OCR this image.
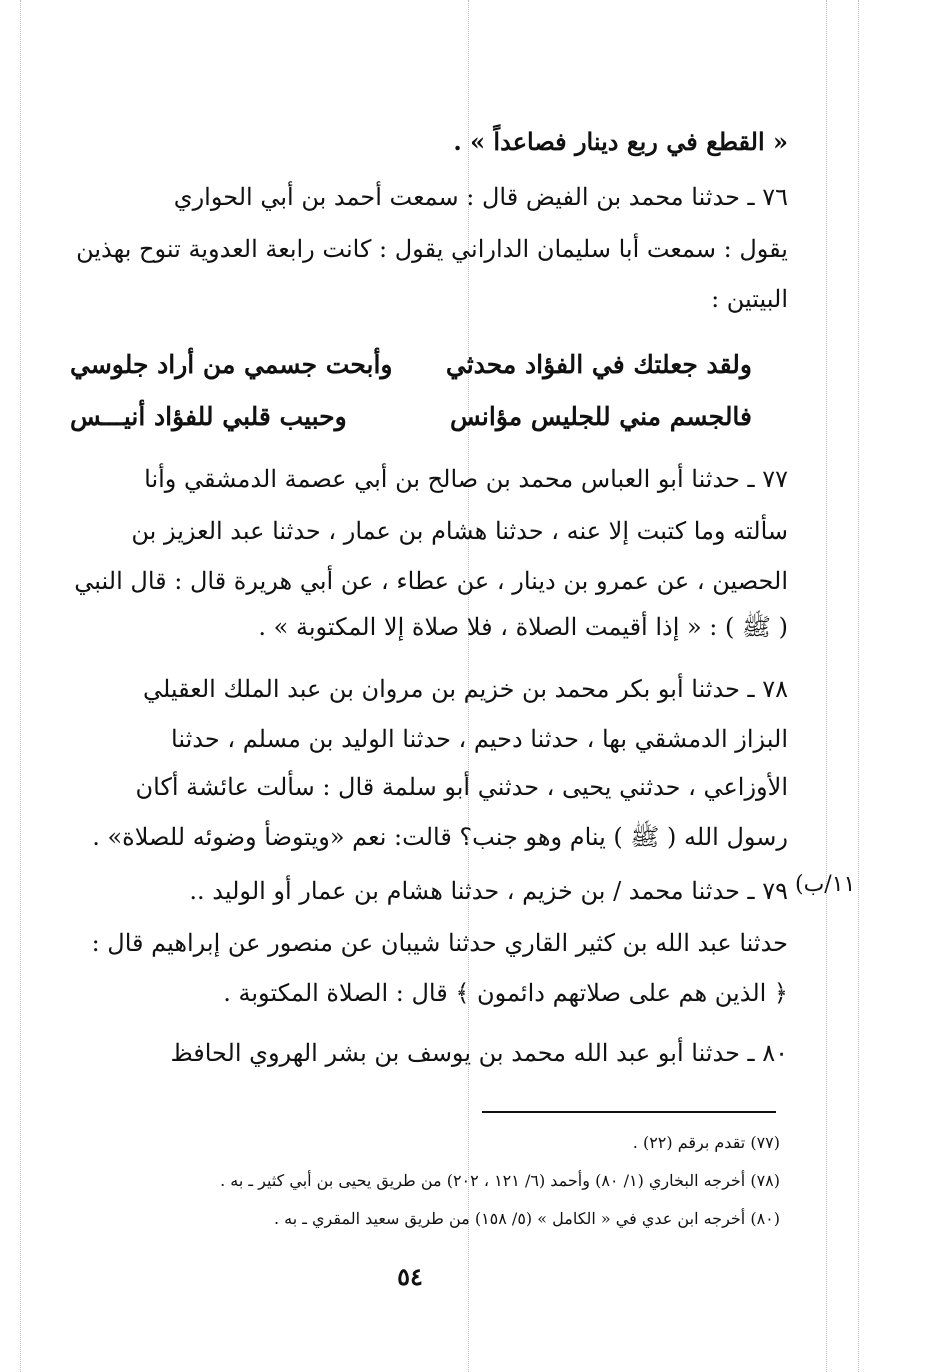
« القطع في ربع دينار فصاعداً » .
٧٦ ـ حدثنا محمد بن الفيض قال : سمعت أحمد بن أبي الحواري
يقول : سمعت أبا سليمان الداراني يقول : كانت رابعة العدوية تنوح بهذين
البيتين :
ولقد جعلتك في الفؤاد محدثي
وأبحت جسمي من أراد جلوسي
فالجسم مني للجليس مؤانس
وحبيب قلبي للفؤاد أنيـــس
٧٧ ـ حدثنا أبو العباس محمد بن صالح بن أبي عصمة الدمشقي وأنا
سألته وما كتبت إلا عنه ، حدثنا هشام بن عمار ، حدثنا عبد العزيز بن
الحصين ، عن عمرو بن دينار ، عن عطاء ، عن أبي هريرة قال : قال النبي
( ﷺ ) : « إذا أقيمت الصلاة ، فلا صلاة إلا المكتوبة » .
٧٨ ـ حدثنا أبو بكر محمد بن خزيم بن مروان بن عبد الملك العقيلي
البزاز الدمشقي بها ، حدثنا دحيم ، حدثنا الوليد بن مسلم ، حدثنا
الأوزاعي ، حدثني يحيى ، حدثني أبو سلمة قال : سألت عائشة أكان
رسول الله ( ﷺ ) ينام وهو جنب؟ قالت: نعم «ويتوضأ وضوئه للصلاة» .
١١/ب)
٧٩ ـ حدثنا محمد / بن خزيم ، حدثنا هشام بن عمار أو الوليد ..
حدثنا عبد الله بن كثير القاري حدثنا شيبان عن منصور عن إبراهيم قال :
﴿ الذين هم على صلاتهم دائمون ﴾ قال : الصلاة المكتوبة .
٨٠ ـ حدثنا أبو عبد الله محمد بن يوسف بن بشر الهروي الحافظ
(٧٧) تقدم برقم (٢٢) .
(٧٨) أخرجه البخاري (١/ ٨٠) وأحمد (٦/ ١٢١ ، ٢٠٢) من طريق يحيى بن أبي كثير ـ به .
(٨٠) أخرجه ابن عدي في « الكامل » (٥/ ١٥٨) من طريق سعيد المقري ـ به .
٥٤
